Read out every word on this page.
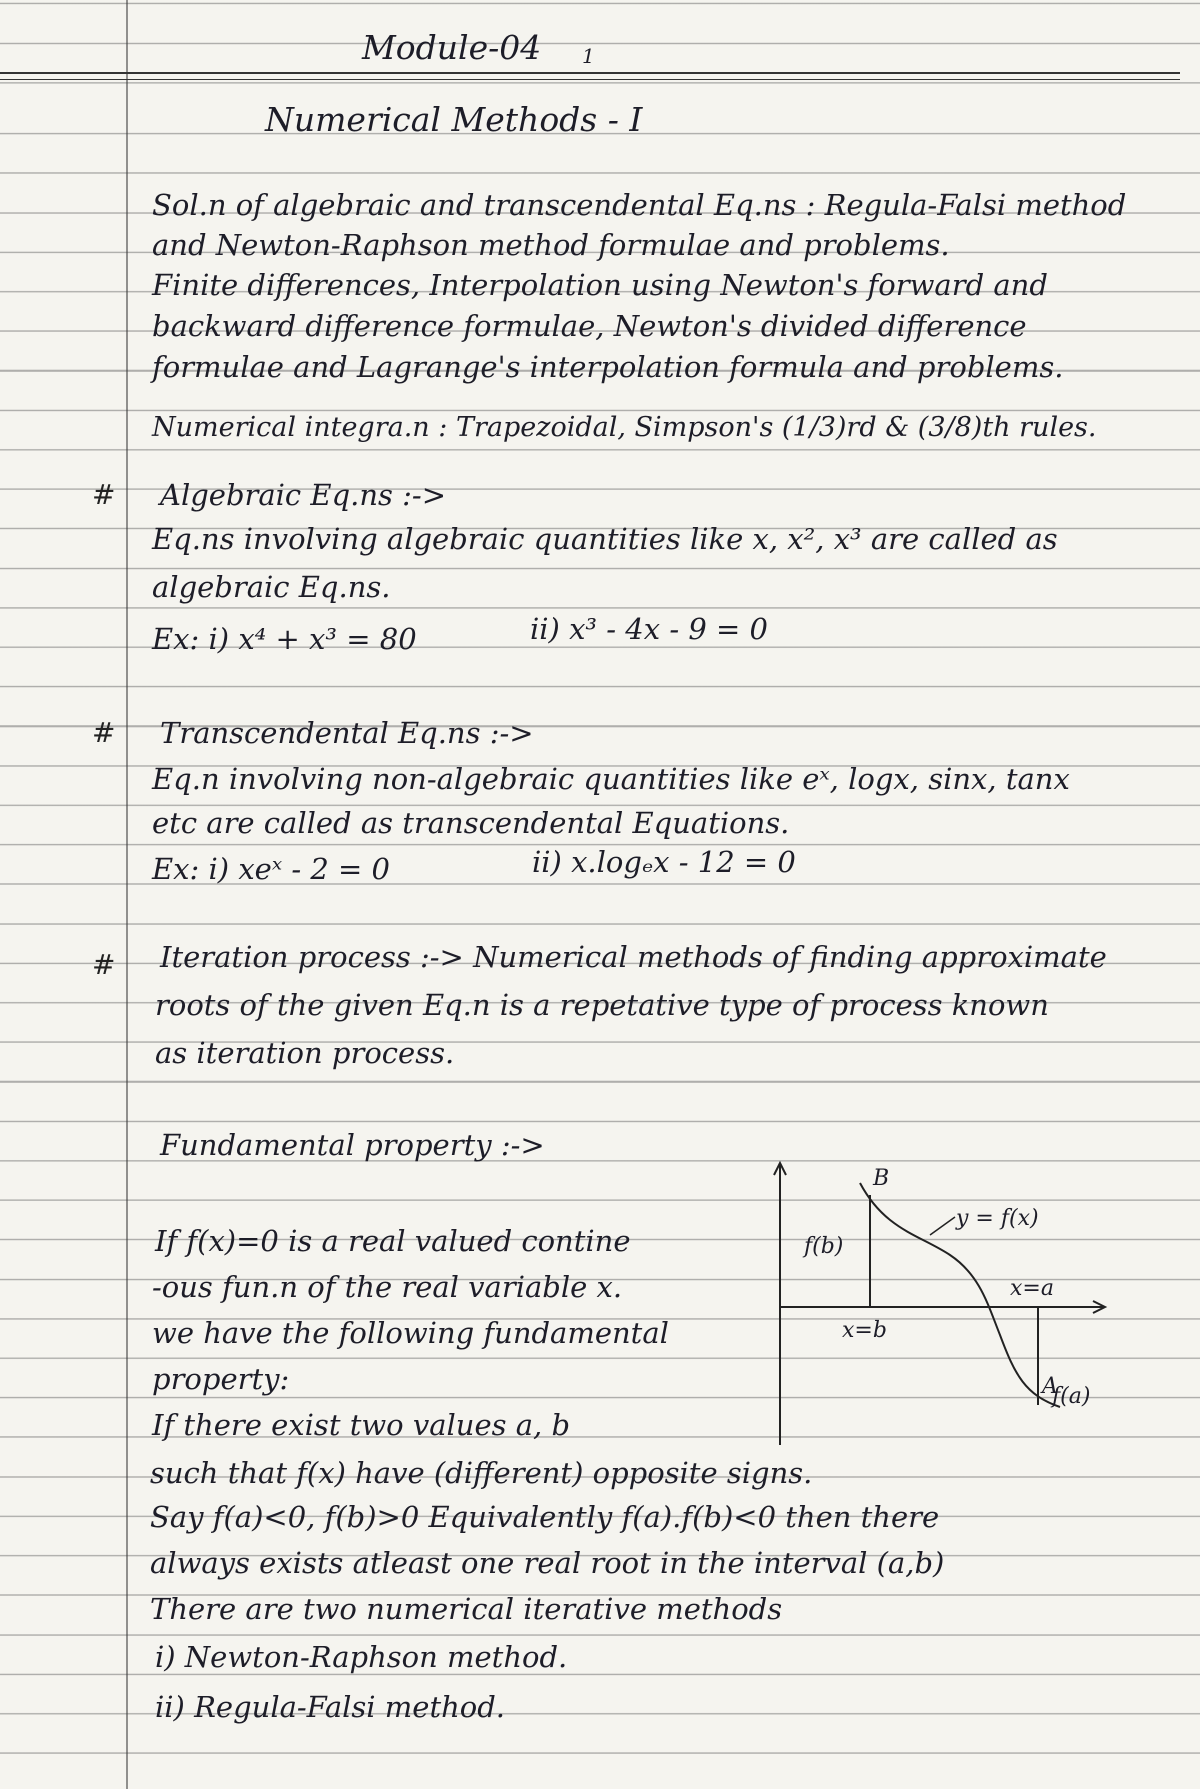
Module-04 1
Numerical Methods - I
Sol.n of algebraic and transcendental Eq.ns : Regula-Falsi method
and Newton-Raphson method formulae and problems.
Finite differences, Interpolation using Newton's forward and
backward difference formulae, Newton's divided difference
formulae and Lagrange's interpolation formula and problems.
Numerical integra.n : Trapezoidal, Simpson's (1/3)rd & (3/8)th rules.
# Algebraic Eq.ns :->
Eq.ns involving algebraic quantities like x, x², x³ are called as
algebraic Eq.ns.
Ex: i) x⁴ + x³ = 80	ii) x³ - 4x - 9 = 0
# Transcendental Eq.ns :->
Eq.n involving non-algebraic quantities like eˣ, logx, sinx, tanx
etc are called as transcendental Equations.
Ex: i) xeˣ - 2 = 0	ii) x.logₑx - 12 = 0
# Iteration process :-> Numerical methods of finding approximate
roots of the given Eq.n is a repetative type of process known
as iteration process.
Fundamental property :->
If f(x)=0 is a real valued contine
-ous fun.n of the real variable x.
we have the following fundamental
property:
If there exist two values a, b
such that f(x) have (different) opposite signs.
Say f(a)<0, f(b)>0 Equivalently f(a).f(b)<0 then there
always exists atleast one real root in the interval (a,b)
There are two numerical iterative methods
i) Newton-Raphson method.
ii) Regula-Falsi method.
B
A
f(b)
f(a)
y = f(x)
x=a
x=b
